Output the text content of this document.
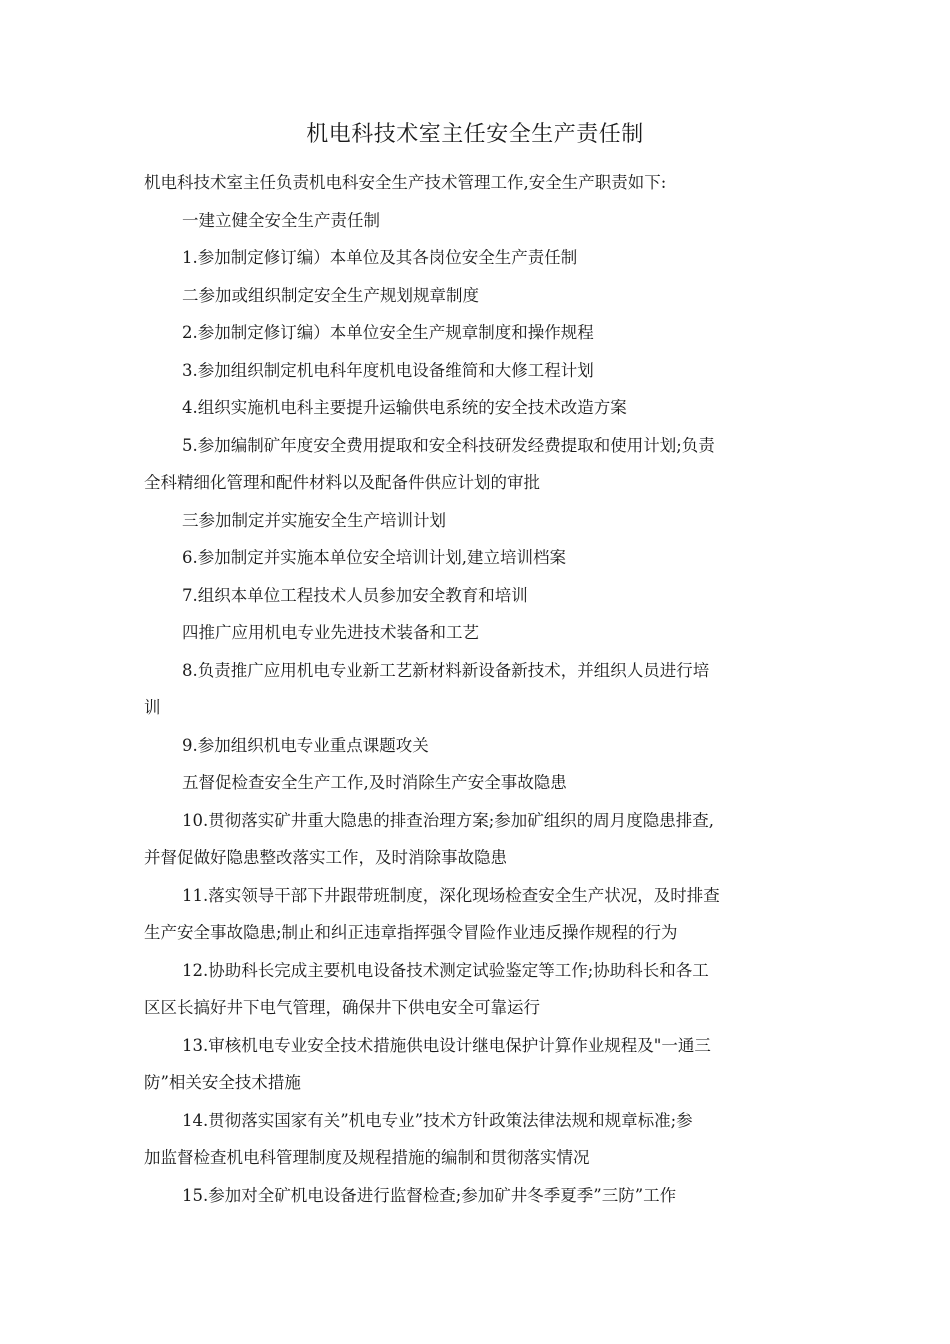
机电科技术室主任安全生产责任制

机电科技术室主任负责机电科安全生产技术管理工作,安全生产职责如下:

一建立健全安全生产责任制

1.参加制定修订编）本单位及其各岗位安全生产责任制

二参加或组织制定安全生产规划规章制度

2.参加制定修订编）本单位安全生产规章制度和操作规程

3.参加组织制定机电科年度机电设备维简和大修工程计划

4.组织实施机电科主要提升运输供电系统的安全技术改造方案

5.参加编制矿年度安全费用提取和安全科技研发经费提取和使用计划;负责
全科精细化管理和配件材料以及配备件供应计划的审批

三参加制定并实施安全生产培训计划

6.参加制定并实施本单位安全培训计划,建立培训档案

7.组织本单位工程技术人员参加安全教育和培训

四推广应用机电专业先进技术装备和工艺

8.负责推广应用机电专业新工艺新材料新设备新技术，并组织人员进行培
训

9.参加组织机电专业重点课题攻关

五督促检查安全生产工作,及时消除生产安全事故隐患

10.贯彻落实矿井重大隐患的排查治理方案;参加矿组织的周月度隐患排查,
并督促做好隐患整改落实工作，及时消除事故隐患

11.落实领导干部下井跟带班制度，深化现场检查安全生产状况，及时排查
生产安全事故隐患;制止和纠正违章指挥强令冒险作业违反操作规程的行为

12.协助科长完成主要机电设备技术测定试验鉴定等工作;协助科长和各工
区区长搞好井下电气管理，确保井下供电安全可靠运行

13.审核机电专业安全技术措施供电设计继电保护计算作业规程及"一通三
防”相关安全技术措施

14.贯彻落实国家有关”机电专业”技术方针政策法律法规和规章标准;参
加监督检查机电科管理制度及规程措施的编制和贯彻落实情况

15.参加对全矿机电设备进行监督检查;参加矿井冬季夏季”三防”工作
